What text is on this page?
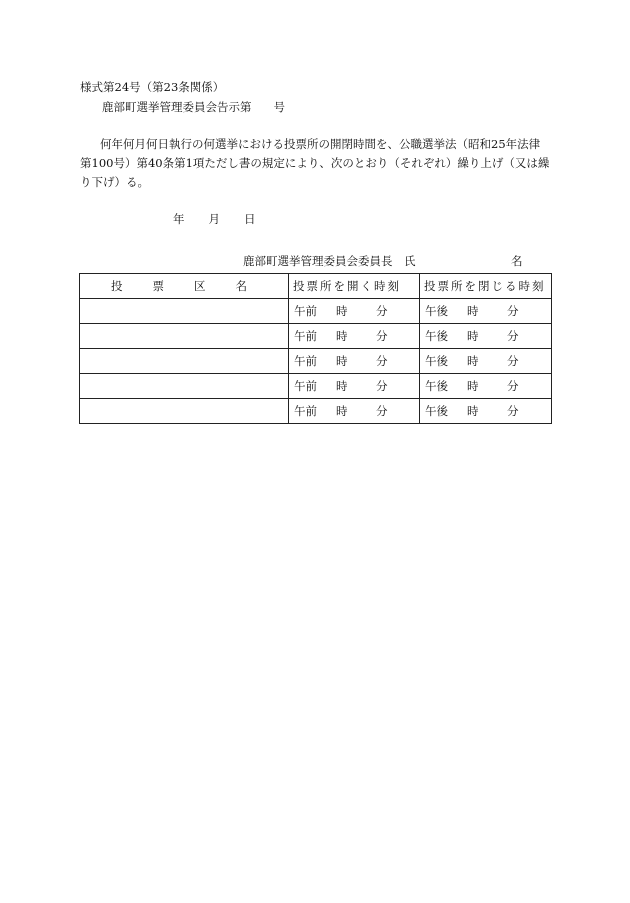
様式第24号（第23条関係）
鹿部町選挙管理委員会告示第 号
何年何月何日執行の何選挙における投票所の開閉時間を、公職選挙法（昭和25年法律
第100号）第40条第1項ただし書の規定により、次のとおり（それぞれ）繰り上げ（又は繰
り下げ）る。
年 月 日
鹿部町選挙管理委員会委員長　氏	名
投票区名	投票所を開く時刻	投票所を閉じる時刻
	午前 時 分	午後 時 分
	午前 時 分	午後 時 分
	午前 時 分	午後 時 分
	午前 時 分	午後 時 分
	午前 時 分	午後 時 分
